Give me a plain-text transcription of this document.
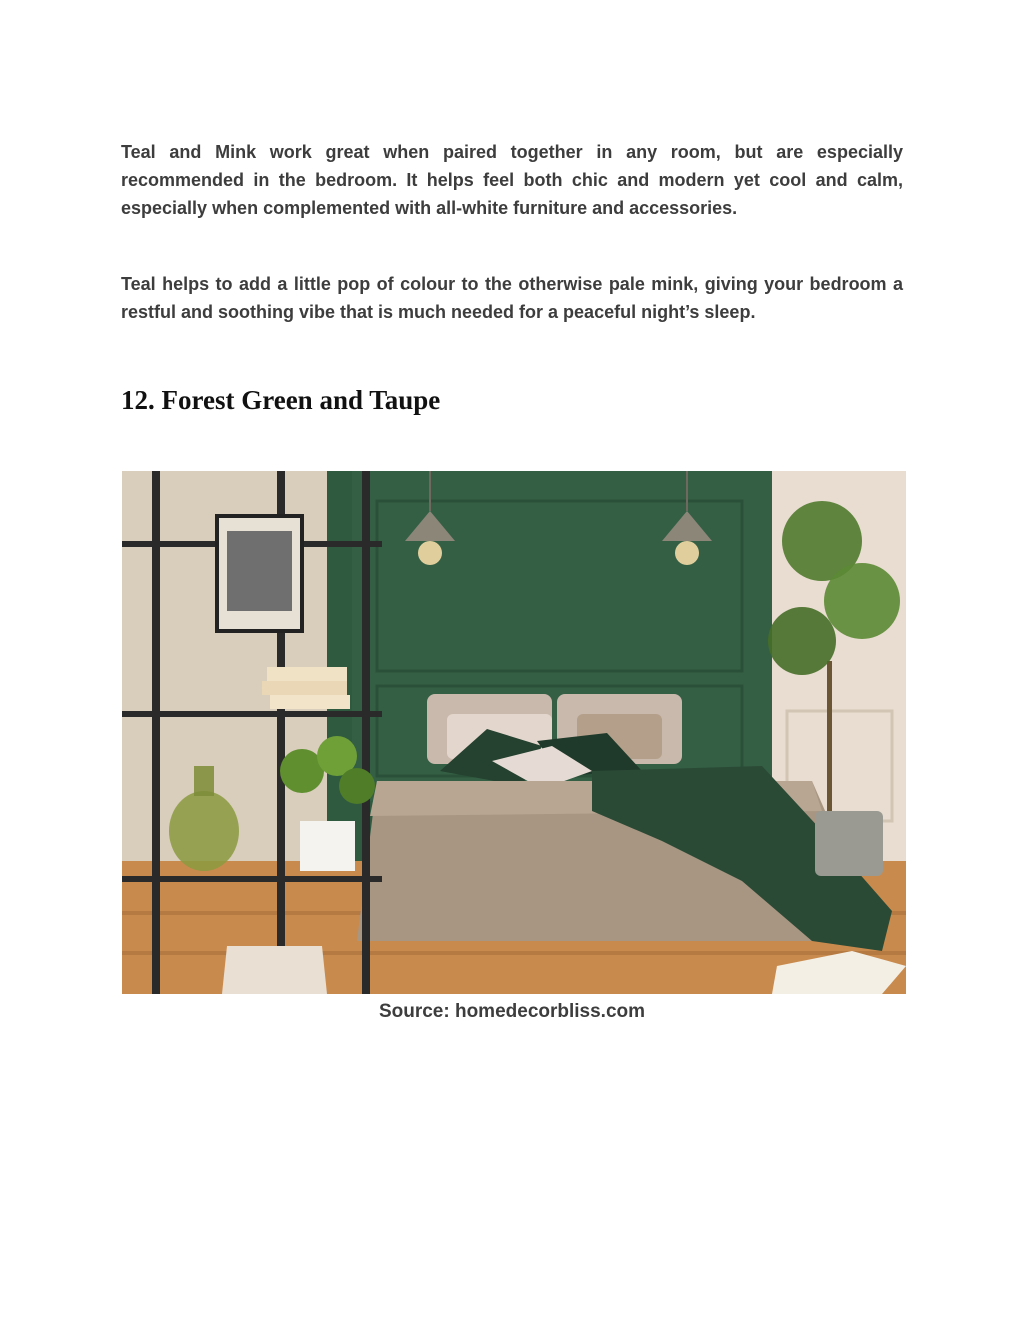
Teal and Mink work great when paired together in any room, but are especially recommended in the bedroom. It helps feel both chic and modern yet cool and calm, especially when complemented with all-white furniture and accessories.

Teal helps to add a little pop of colour to the otherwise pale mink, giving your bedroom a restful and soothing vibe that is much needed for a peaceful night’s sleep.

12. Forest Green and Taupe

Source: homedecorbliss.com
